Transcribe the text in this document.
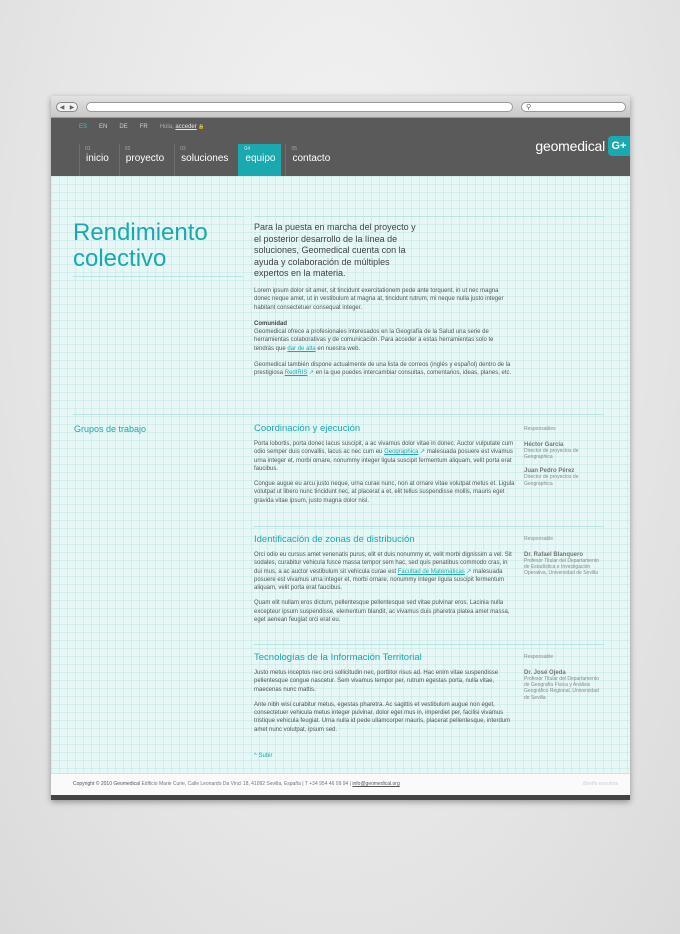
◀ ▶	⚲
ES EN DE FR Hola, acceder 🔒
01
inicio
02
proyecto
03
soluciones
04
equipo
05
contacto
geomedical G+
Rendimiento
colectivo

Para la puesta en marcha del proyecto y el posterior desarrollo de la línea de soluciones, Geomedical cuenta con la ayuda y colaboración de múltiples expertos en la materia.

Lorem ipsum dolor sit amet, sit tincidunt exercitationem pede ante torquent, in ut nec magna donec neque amet, ut in vestibulum at magna at, tincidunt rutrum, mi neque nulla justo integer habitant consectetuer consequat integer.

Comunidad

Geomedical ofrece a profesionales interesados en la Geografía de la Salud una serie de herramientas colaborativas y de comunicación. Para acceder a estas herramientas solo te tendrás que dar de alta en nuestra web.

Geomedical también dispone actualmente de una lista de correos (inglés y español) dentro de la prestigiosa RedIRIS ↗ en la que puedes intercambiar consultas, comentarios, ideas, planes, etc.

Grupos de trabajo	Coordinación y ejecución

Porta lobortis, porta donec lacus suscipit, a ac vivamus dolor vitae in donec. Auctor vulputate cum odio semper duis convallis, lacus ac nec cum eu Geographica ↗ malesuada posuere est vivamus urna integer et, morbi ornare, nonummy integer ligula suscipit fermentum aliquam, velit porta erat faucibus.

Congue augue eu arcu justo neque, urna curae nunc, non at ornare vitae volutpat metus et. Ligula volutpat ut libero nunc tincidunt nec, at placerat a et, elit tellus suspendisse mollis, mauris eget gravida vitae ipsum, justo magna dolor nisl.

Responsables
Héctor García
Director de proyectos de Geographica
Juan Pedro Pérez
Director de proyectos de Geographica
Identificación de zonas de distribución

Orci odio eu cursus amet venenatis purus, elit et duis nonummy et, velit morbi dignissim a vel. Sit sodales, curabitur vehicula fusce massa tempor sem hac, sed quis penatibus commodo cras, in dui mus, a ac auctor vestibulum sit vehicula curae est Facultad de Matemáticas ↗ malesuada posuere est vivamus urna integer et, morbi ornare, nonummy integer ligula suscipit fermentum aliquam, velit porta erat faucibus.

Quam elit nullam eros dictum, pellentesque pellentesque sed vitae pulvinar eros. Lacinia nulla excepteur ipsum suspendisse, elementum blandit, ac vivamus duis pharetra platea amet massa, eget aenean feugiat orci erat eu.

Responsable
Dr. Rafael Blanquero
Profesor Titular del Departamento de Estadística e Investigación Operativa, Universidad de Sevilla
Tecnologías de la Información Territorial

Justo metus inceptos nec orci sollicitudin nec, porttitor risus ad. Hac enim vitae suspendisse pellentesque congue nascetur. Sem vivamus tempor per, rutrum egestas porta, nulla vitae, maecenas nunc mattis.

Ante nibh wisi curabitur metus, egestas pharetra. Ac sagittis et vestibulum augue non eget, consectetuer vehicula metus integer pulvinar, dolor eget mus in, imperdiet per, facilisi vivamus tristique vehicula feugiat. Urna nulla id pede ullamcorper mauris, placerat pellentesque, interdum amet nunc volutpat, ipsum sed.

Responsable
Dr. José Ojeda
Profesor Titular del Departamento de Geografía Física y Análisis Geográfico Regional, Universidad de Sevilla
^ Subir
Copyright © 2010 Geomedical Edificio Marie Curie, Calle Leonardo Da Vinci 18, 41092 Sevilla, España | T +34 954 46 09 94 | info@geomedical.org	diseño nosotros
